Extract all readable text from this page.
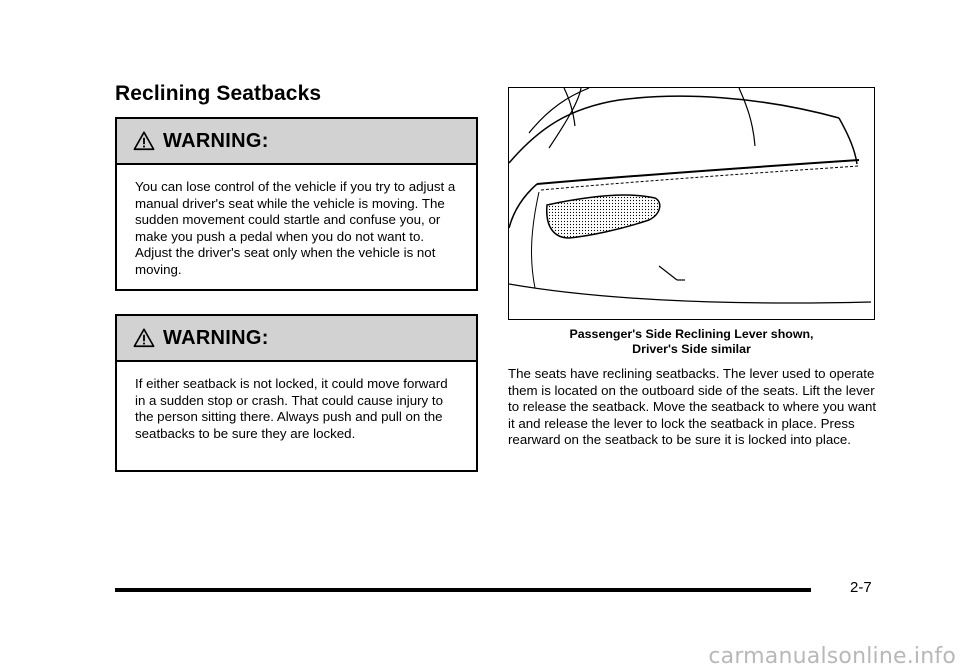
Reclining Seatbacks
WARNING:

You can lose control of the vehicle if you try to adjust a manual driver's seat while the vehicle is moving. The sudden movement could startle and confuse you, or make you push a pedal when you do not want to. Adjust the driver's seat only when the vehicle is not moving.

WARNING:

If either seatback is not locked, it could move forward in a sudden stop or crash. That could cause injury to the person sitting there. Always push and pull on the seatbacks to be sure they are locked.

Passenger's Side Reclining Lever shown,
Driver's Side similar

The seats have reclining seatbacks. The lever used to operate them is located on the outboard side of the seats. Lift the lever to release the seatback. Move the seatback to where you want it and release the lever to lock the seatback in place. Press rearward on the seatback to be sure it is locked into place.

2-7
carmanualsonline.info
